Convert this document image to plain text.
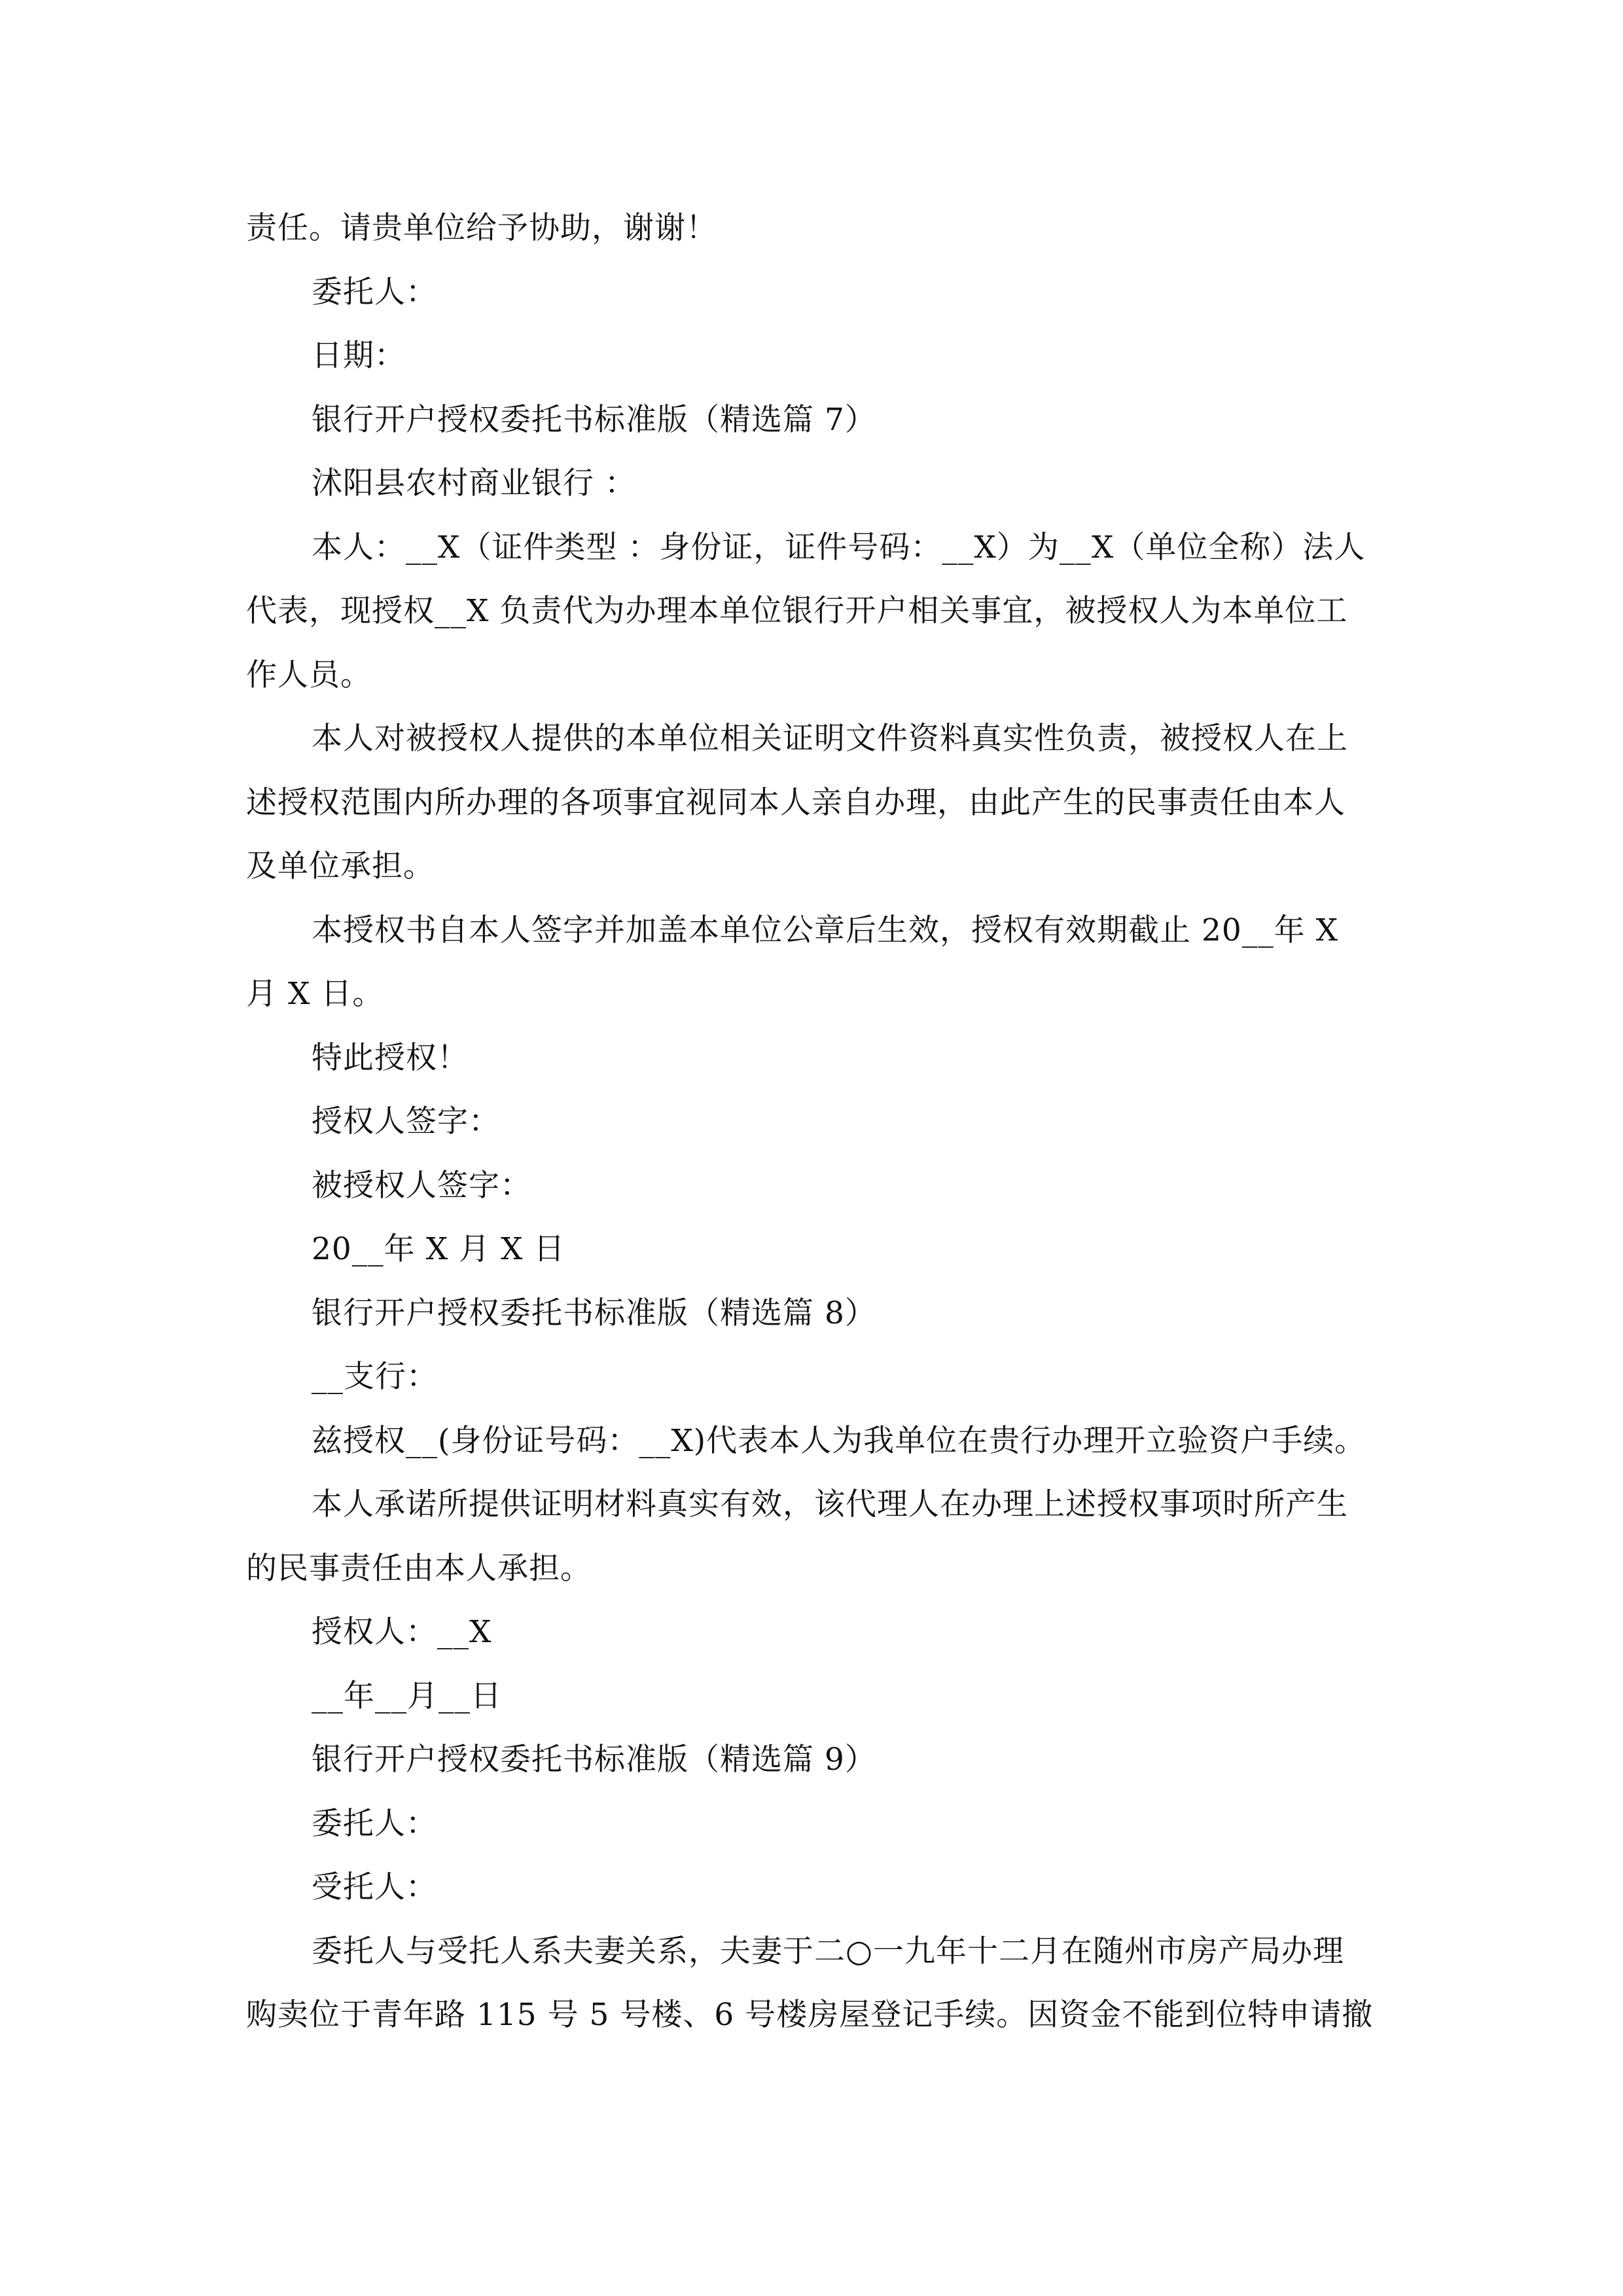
责任。请贵单位给予协助，谢谢！
委托人：
日期：
银行开户授权委托书标准版（精选篇 7）
沭阳县农村商业银行 ：
本人：__X（证件类型 ：身份证，证件号码：__X）为__X（单位全称）法人
代表，现授权__X 负责代为办理本单位银行开户相关事宜，被授权人为本单位工
作人员。
本人对被授权人提供的本单位相关证明文件资料真实性负责，被授权人在上
述授权范围内所办理的各项事宜视同本人亲自办理，由此产生的民事责任由本人
及单位承担。
本授权书自本人签字并加盖本单位公章后生效，授权有效期截止 20__年 X
月 X 日。
特此授权！
授权人签字：
被授权人签字：
20__年 X 月 X 日
银行开户授权委托书标准版（精选篇 8）
__支行：
兹授权__(身份证号码：__X)代表本人为我单位在贵行办理开立验资户手续。
本人承诺所提供证明材料真实有效，该代理人在办理上述授权事项时所产生
的民事责任由本人承担。
授权人：__X
__年__月__日
银行开户授权委托书标准版（精选篇 9）
委托人：
受托人：
委托人与受托人系夫妻关系，夫妻于二○一九年十二月在随州市房产局办理
购卖位于青年路 115 号 5 号楼、6 号楼房屋登记手续。因资金不能到位特申请撤
